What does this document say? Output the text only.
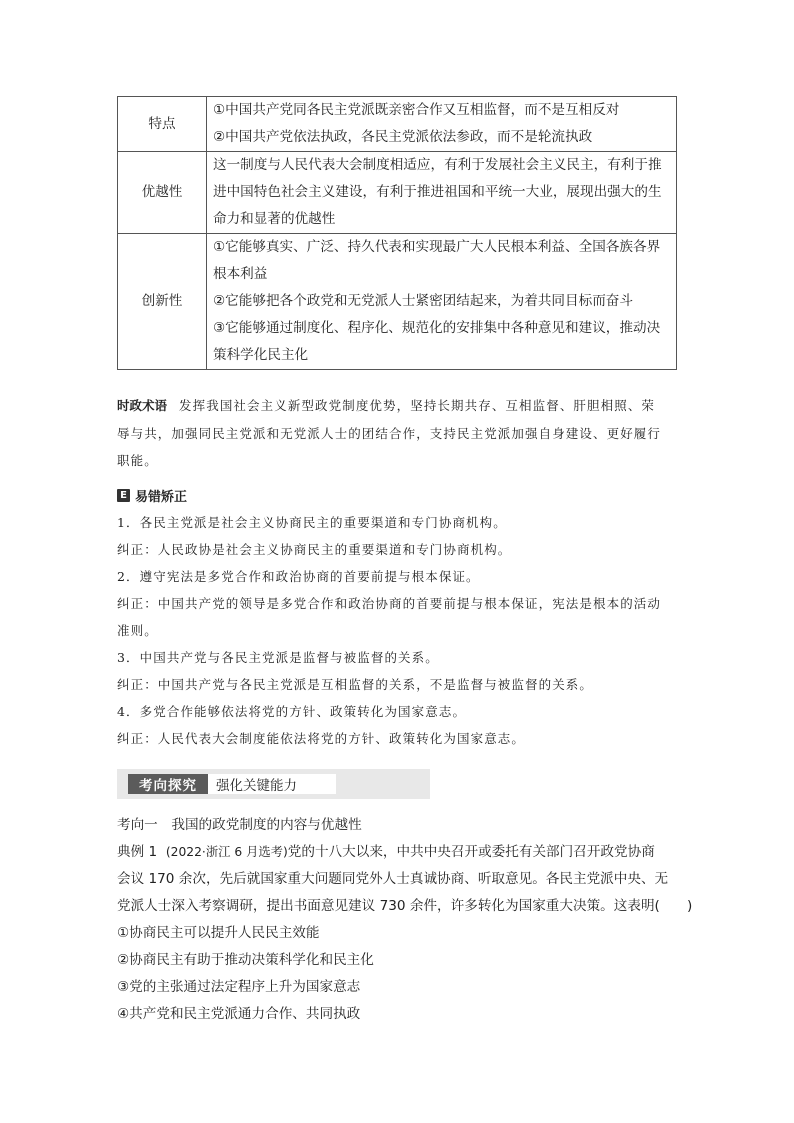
特点	①中国共产党同各民主党派既亲密合作又互相监督，而不是互相反对
②中国共产党依法执政，各民主党派依法参政，而不是轮流执政

优越性	这一制度与人民代表大会制度相适应，有利于发展社会主义民主，有利于推
进中国特色社会主义建设，有利于推进祖国和平统一大业，展现出强大的生
命力和显著的优越性

创新性	①它能够真实、广泛、持久代表和实现最广大人民根本利益、全国各族各界
根本利益
②它能够把各个政党和无党派人士紧密团结起来，为着共同目标而奋斗
③它能够通过制度化、程序化、规范化的安排集中各种意见和建议，推动决
策科学化民主化
时政术语 发挥我国社会主义新型政党制度优势，坚持长期共存、互相监督、肝胆相照、荣
辱与共，加强同民主党派和无党派人士的团结合作，支持民主党派加强自身建设、更好履行
职能。
E 易错矫正
1．各民主党派是社会主义协商民主的重要渠道和专门协商机构。
纠正：人民政协是社会主义协商民主的重要渠道和专门协商机构。
2．遵守宪法是多党合作和政治协商的首要前提与根本保证。
纠正：中国共产党的领导是多党合作和政治协商的首要前提与根本保证，宪法是根本的活动
准则。
3．中国共产党与各民主党派是监督与被监督的关系。
纠正：中国共产党与各民主党派是互相监督的关系，不是监督与被监督的关系。
4．多党合作能够依法将党的方针、政策转化为国家意志。
纠正：人民代表大会制度能依法将党的方针、政策转化为国家意志。
考向探究	强化关键能力
考向一　我国的政党制度的内容与优越性
典例 1 (2022·浙江 6 月选考)党的十八大以来，中共中央召开或委托有关部门召开政党协商
会议 170 余次，先后就国家重大问题同党外人士真诚协商、听取意见。各民主党派中央、无
党派人士深入考察调研，提出书面意见建议 730 余件，许多转化为国家重大决策。这表明(　　)
①协商民主可以提升人民民主效能
②协商民主有助于推动决策科学化和民主化
③党的主张通过法定程序上升为国家意志
④共产党和民主党派通力合作、共同执政
